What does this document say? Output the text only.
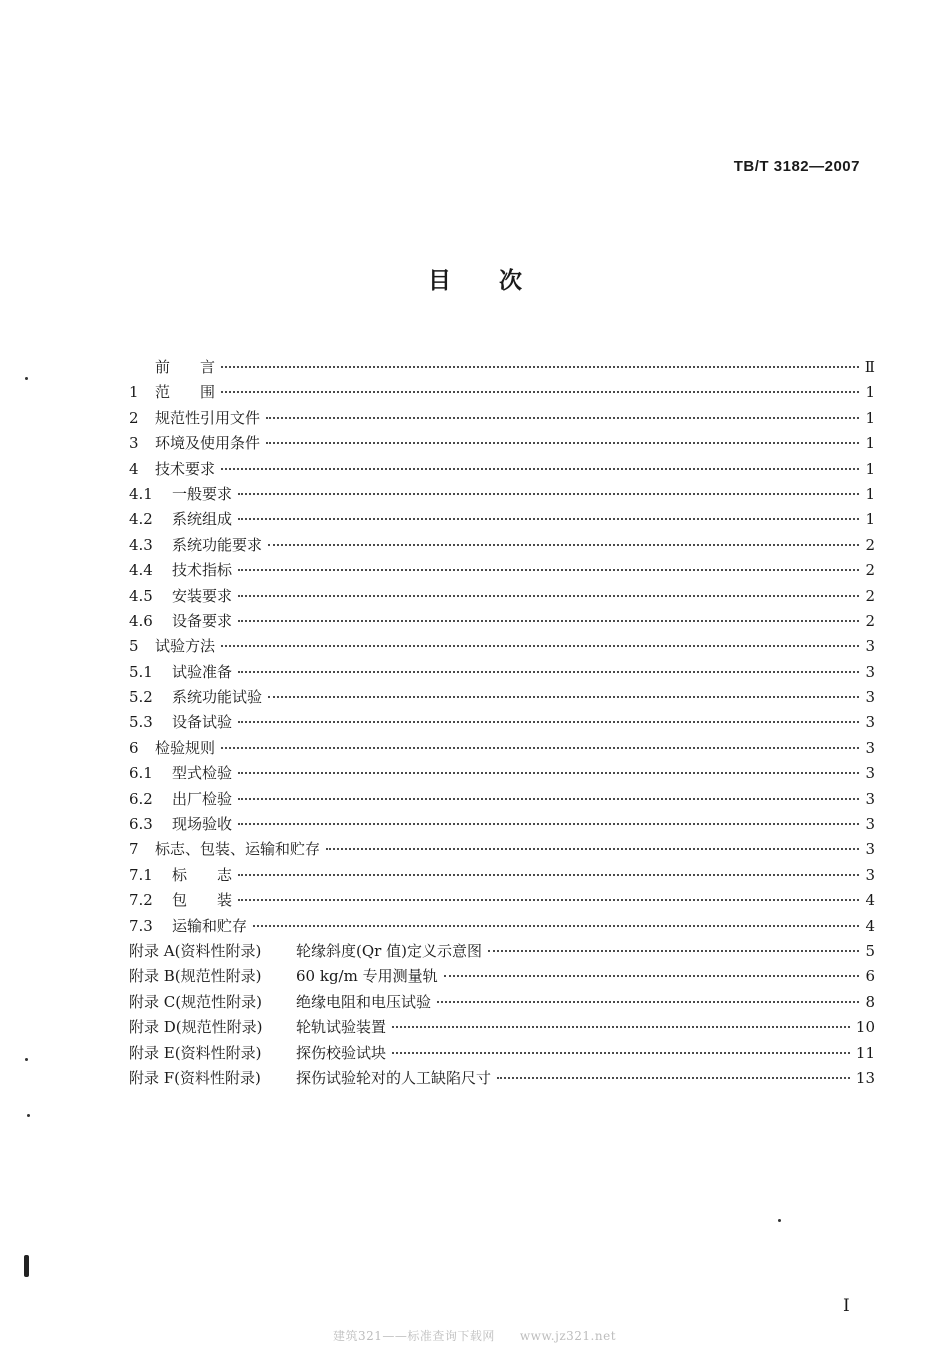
TB/T 3182—2007
目次
前　　言	Ⅱ
1	范　　围	1
2	规范性引用文件	1
3	环境及使用条件	1
4	技术要求	1
4.1	一般要求	1
4.2	系统组成	1
4.3	系统功能要求	2
4.4	技术指标	2
4.5	安装要求	2
4.6	设备要求	2
5	试验方法	3
5.1	试验准备	3
5.2	系统功能试验	3
5.3	设备试验	3
6	检验规则	3
6.1	型式检验	3
6.2	出厂检验	3
6.3	现场验收	3
7	标志、包装、运输和贮存	3
7.1	标　　志	3
7.2	包　　装	4
7.3	运输和贮存	4
附录 A(资料性附录)	轮缘斜度(Qr 值)定义示意图	5
附录 B(规范性附录)	60 kg/m 专用测量轨	6
附录 C(规范性附录)	绝缘电阻和电压试验	8
附录 D(规范性附录)	轮轨试验装置	10
附录 E(资料性附录)	探伤校验试块	11
附录 F(资料性附录)	探伤试验轮对的人工缺陷尺寸	13
I
建筑321——标准查询下载网　　www.jz321.net
